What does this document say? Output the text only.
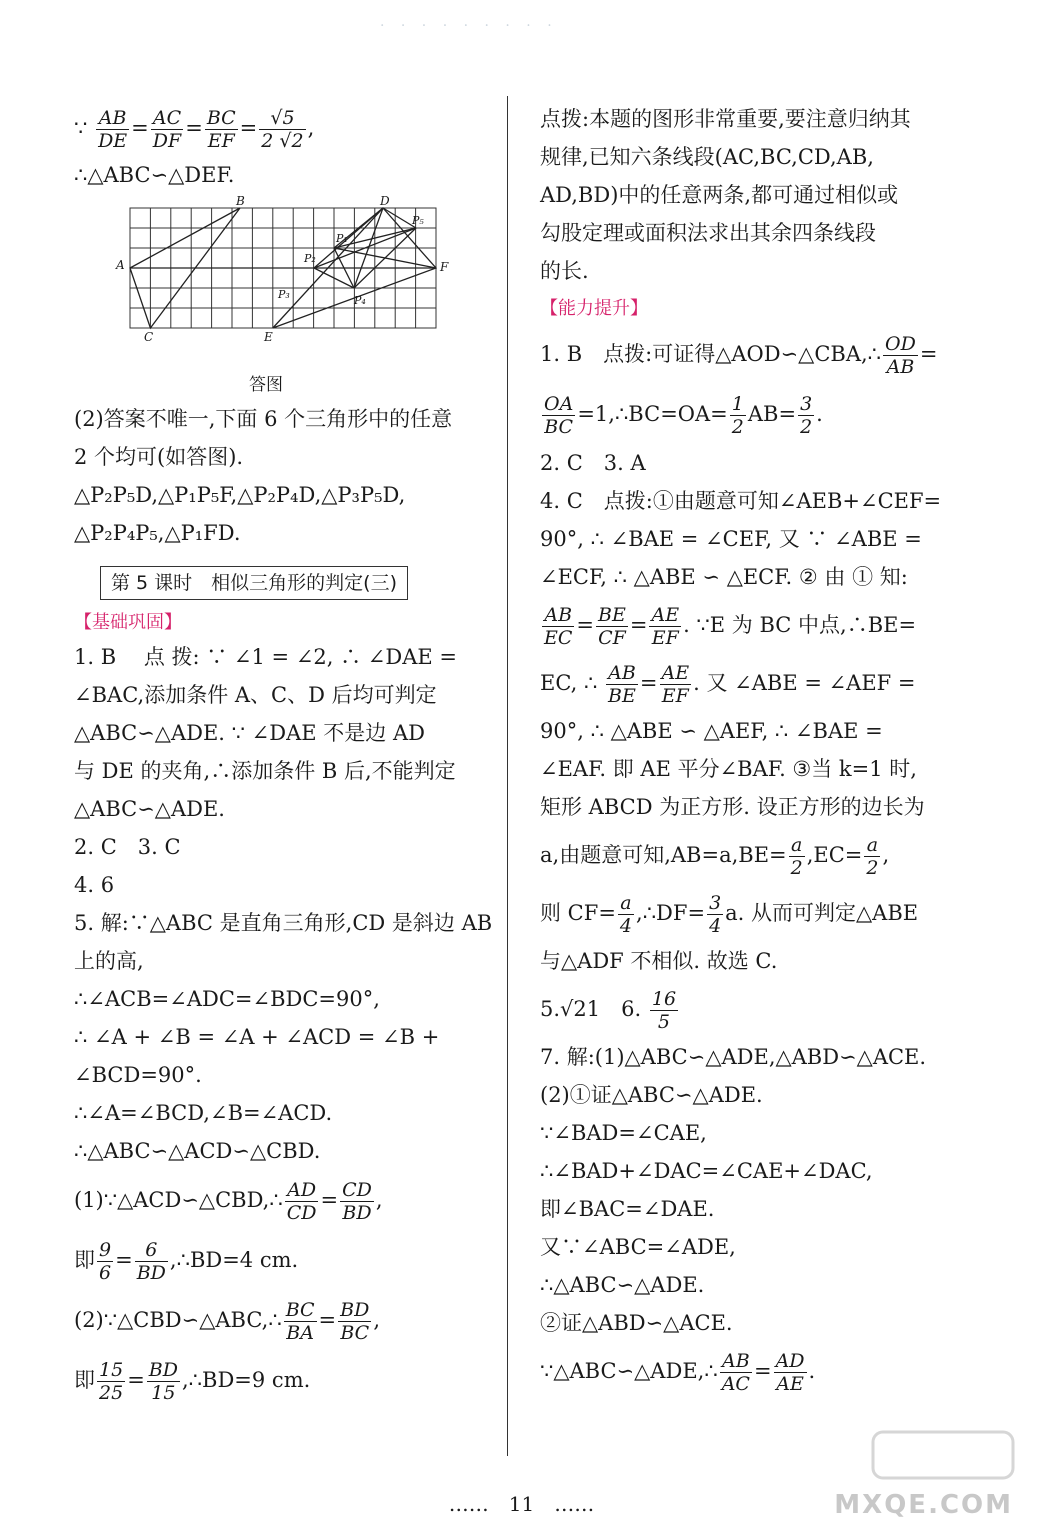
· · · · · · · · ·
∵ $\frac{AB}{DE} = \frac{AC}{DF} = \frac{BC}{EF} = \frac{√5}{2 √2}$ ,
∴△ABC∽△DEF.
A
B
C
D
E
F
P₁
P₂
P₃	P₄
P₅
答图
(2)答案不唯一,下面 6 个三角形中的任意
2 个均可(如答图).
△P₂P₅D,△P₁P₅F,△P₂P₄D,△P₃P₅D,
△P₂P₄P₅,△P₁FD.
第 5 课时　相似三角形的判定(三)
【基础巩固】
1. B　 点 拨: ∵ ∠1 = ∠2, ∴ ∠DAE =
∠BAC,添加条件 A、C、D 后均可判定
△ABC∽△ADE. ∵ ∠DAE 不是边 AD
与 DE 的夹角,∴添加条件 B 后,不能判定
△ABC∽△ADE.
2. C　3. C
4. 6
5. 解:∵△ABC 是直角三角形,CD 是斜边 AB
上的高,
∴∠ACB=∠ADC=∠BDC=90°,
∴ ∠A + ∠B = ∠A + ∠ACD = ∠B +
∠BCD=90°.
∴∠A=∠BCD,∠B=∠ACD.
∴△ABC∽△ACD∽△CBD.
(1)∵△ACD∽△CBD,∴ $\frac{AD}{CD} = \frac{CD}{BD}$ ,
即 $\frac{9}{6} = \frac{6}{BD}$ ,∴BD=4 cm.
(2)∵△CBD∽△ABC,∴ $\frac{BC}{BA} = \frac{BD}{BC}$ ,
即 $\frac{15}{25} = \frac{BD}{15}$ ,∴BD=9 cm.
点拨:本题的图形非常重要,要注意归纳其
规律,已知六条线段(AC,BC,CD,AB,
AD,BD)中的任意两条,都可通过相似或
勾股定理或面积法求出其余四条线段
的长.
【能力提升】
1. B　点拨:可证得△AOD∽△CBA,∴ $\frac{OD}{AB}$ =
$\frac{OA}{BC}$ =1,∴BC=OA= $\frac{1}{2} AB= \frac{3}{2}$ .
2. C　3. A
4. C　点拨:①由题意可知∠AEB+∠CEF=
90°, ∴ ∠BAE = ∠CEF, 又 ∵ ∠ABE =
∠ECF, ∴ △ABE ∽ △ECF. ② 由 ① 知:
$\frac{AB}{EC} = \frac{BE}{CF} = \frac{AE}{EF}$ . ∵E 为 BC 中点,∴BE=
EC, ∴ $\frac{AB}{BE} = \frac{AE}{EF}$ . 又 ∠ABE = ∠AEF =
90°, ∴ △ABE ∽ △AEF, ∴ ∠BAE =
∠EAF. 即 AE 平分∠BAF. ③当 k=1 时,
矩形 ABCD 为正方形. 设正方形的边长为
a,由题意可知$,AB=a,BE= \frac{a}{2} ,EC= \frac{a}{2}$ ,
则 $CF= \frac{a}{4}$ ,∴DF= $\frac{3}{4} a$. 从而可判定△ABE
与△ADF 不相似. 故选 C.
5.√21　6. $\frac{16}{5}$
7. 解:(1)△ABC∽△ADE,△ABD∽△ACE.
(2)①证△ABC∽△ADE.
∵∠BAD=∠CAE,
∴∠BAD+∠DAC=∠CAE+∠DAC,
即∠BAC=∠DAE.
又∵∠ABC=∠ADE,
∴△ABC∽△ADE.
②证△ABD∽△ACE.
∵△ABC∽△ADE,∴ $\frac{AB}{AC} = \frac{AD}{AE}$ .
……　11　……	MXQE.COM
